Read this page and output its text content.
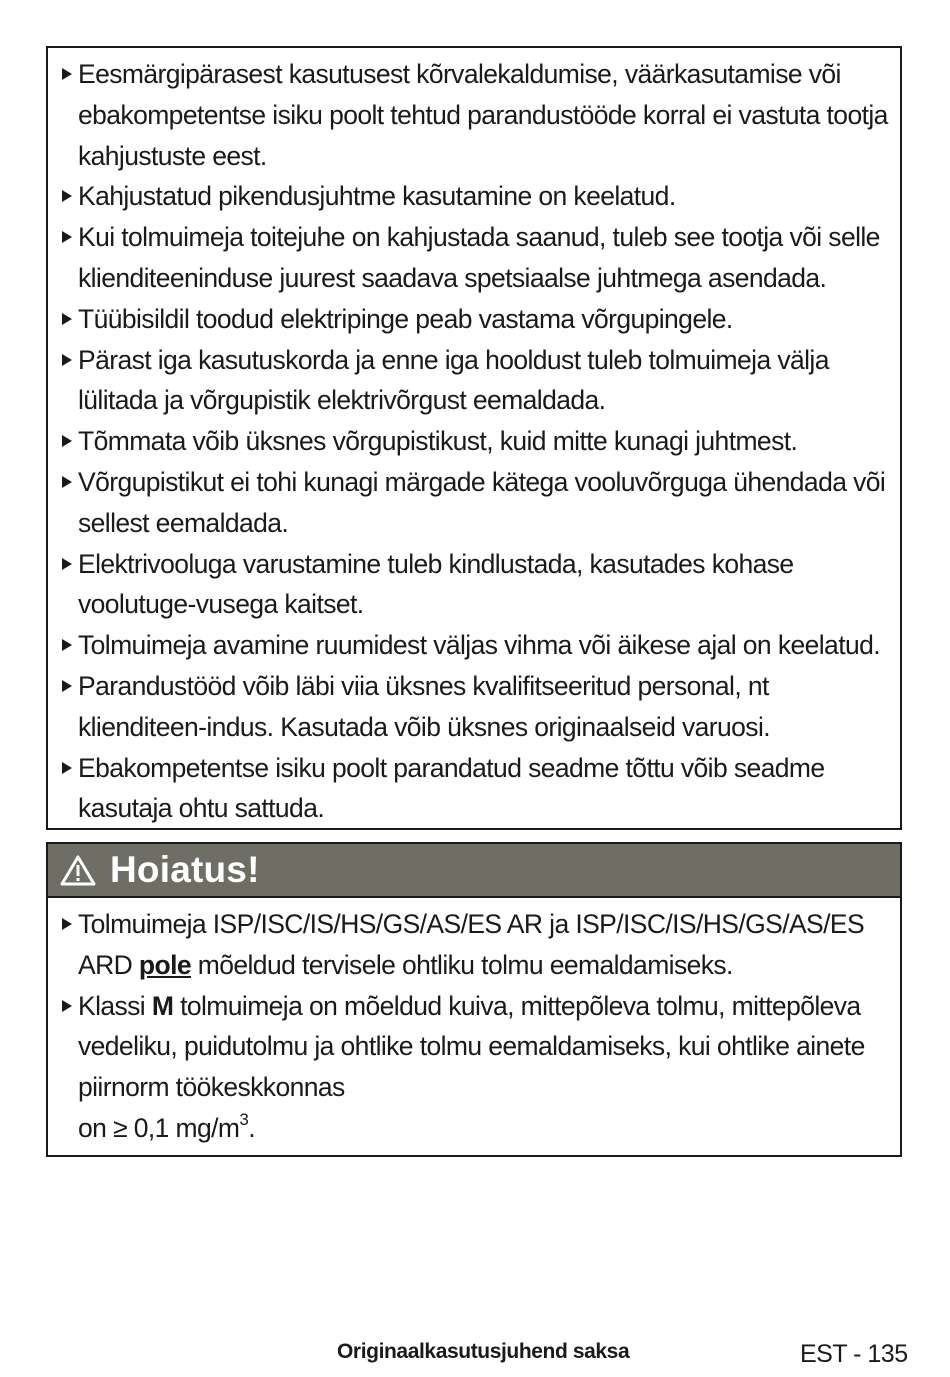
Eesmärgipärasest kasutusest kõrvalekaldumise, väärkasutamise või ebakompetentse isiku poolt tehtud parandustööde korral ei vastuta tootja kahjustuste eest.
Kahjustatud pikendusjuhtme kasutamine on keelatud.
Kui tolmuimeja toitejuhe on kahjustada saanud, tuleb see tootja või selle klienditeeninduse juurest saadava spetsiaalse juhtmega asendada.
Tüübisildil toodud elektripinge peab vastama võrgupingele.
Pärast iga kasutuskorda ja enne iga hooldust tuleb tolmuimeja välja lülitada ja võrgupistik elektrivõrgust eemaldada.
Tõmmata võib üksnes võrgupistikust, kuid mitte kunagi juhtmest.
Võrgupistikut ei tohi kunagi märgade kätega vooluvõrguga ühendada või sellest eemaldada.
Elektrivooluga varustamine tuleb kindlustada, kasutades kohase voolutuge-vusega kaitset.
Tolmuimeja avamine ruumidest väljas vihma või äikese ajal on keelatud.
Parandustööd võib läbi viia üksnes kvalifitseeritud personal, nt klienditeen-indus. Kasutada võib üksnes originaalseid varuosi.
Ebakompetentse isiku poolt parandatud seadme tõttu võib seadme kasutaja ohtu sattuda.
Hoiatus!
Tolmuimeja ISP/ISC/IS/HS/GS/AS/ES AR ja ISP/ISC/IS/HS/GS/AS/ES ARD pole mõeldud tervisele ohtliku tolmu eemaldamiseks.
Klassi M tolmuimeja on mõeldud kuiva, mittepõleva tolmu, mittepõleva vedeliku, puidutolmu ja ohtlike tolmu eemaldamiseks, kui ohtlike ainete piirnorm töökeskkonnas
on ≥ 0,1 $mg/m^3$.
Originaalkasutusjuhend saksa	EST - 135
